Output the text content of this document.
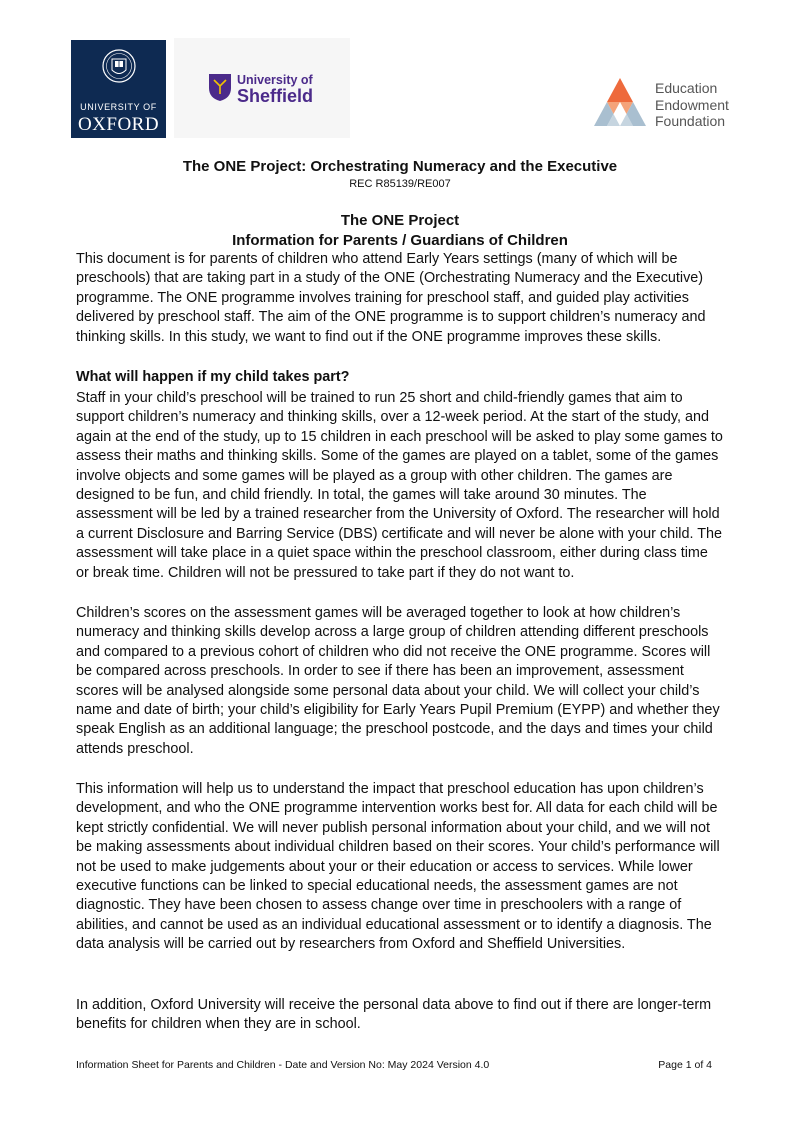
UNIVERSITY OF
OXFORD
University of
Sheffield	Education
Endowment
Foundation
The ONE Project: Orchestrating Numeracy and the Executive
REC R85139/RE007
The ONE Project
Information for Parents / Guardians of Children

This document is for parents of children who attend Early Years settings (many of which will be preschools) that are taking part in a study of the ONE (Orchestrating Numeracy and the Executive) programme. The ONE programme involves training for preschool staff, and guided play activities delivered by preschool staff. The aim of the ONE programme is to support children’s numeracy and thinking skills. In this study, we want to find out if the ONE programme improves these skills.

What will happen if my child takes part?

Staff in your child’s preschool will be trained to run 25 short and child-friendly games that aim to support children’s numeracy and thinking skills, over a 12-week period. At the start of the study, and again at the end of the study, up to 15 children in each preschool will be asked to play some games to assess their maths and thinking skills. Some of the games are played on a tablet, some of the games involve objects and some games will be played as a group with other children. The games are designed to be fun, and child friendly. In total, the games will take around 30 minutes. The assessment will be led by a trained researcher from the University of Oxford. The researcher will hold a current Disclosure and Barring Service (DBS) certificate and will never be alone with your child. The assessment will take place in a quiet space within the preschool classroom, either during class time or break time. Children will not be pressured to take part if they do not want to.

Children’s scores on the assessment games will be averaged together to look at how children’s numeracy and thinking skills develop across a large group of children attending different preschools and compared to a previous cohort of children who did not receive the ONE programme. Scores will be compared across preschools. In order to see if there has been an improvement, assessment scores will be analysed alongside some personal data about your child. We will collect your child’s name and date of birth; your child’s eligibility for Early Years Pupil Premium (EYPP) and whether they speak English as an additional language; the preschool postcode, and the days and times your child attends preschool.

This information will help us to understand the impact that preschool education has upon children’s development, and who the ONE programme intervention works best for. All data for each child will be kept strictly confidential. We will never publish personal information about your child, and we will not be making assessments about individual children based on their scores. Your child’s performance will not be used to make judgements about your or their education or access to services. While lower executive functions can be linked to special educational needs, the assessment games are not diagnostic. They have been chosen to assess change over time in preschoolers with a range of abilities, and cannot be used as an individual educational assessment or to identify a diagnosis. The data analysis will be carried out by researchers from Oxford and Sheffield Universities.

In addition, Oxford University will receive the personal data above to find out if there are longer-term benefits for children when they are in school.

Information Sheet for Parents and Children - Date and Version No: May 2024 Version 4.0	Page 1 of 4
